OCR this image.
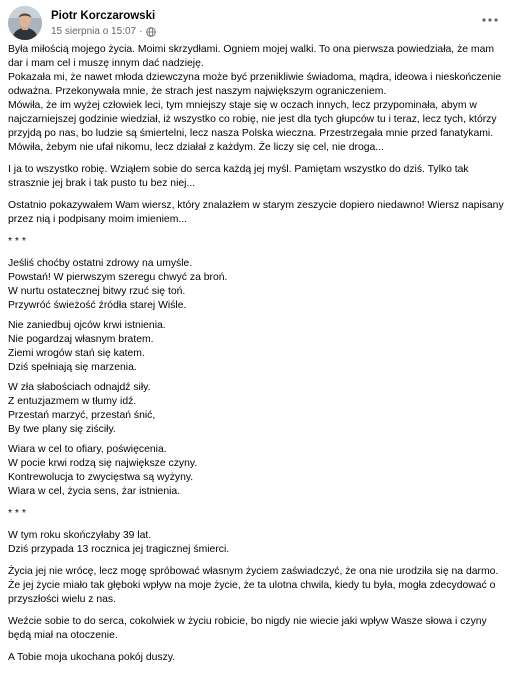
Piotr Korczarowski
15 sierpnia o 15:07 ·

Była miłością mojego życia. Moimi skrzydłami. Ogniem mojej walki. To ona pierwsza powiedziała, że mam dar i mam cel i muszę innym dać nadzieję.
Pokazała mi, że nawet młoda dziewczyna może być przenikliwie świadoma, mądra, ideowa i nieskończenie odważna. Przekonywała mnie, że strach jest naszym największym ograniczeniem.
Mówiła, że im wyżej człowiek leci, tym mniejszy staje się w oczach innych, lecz przypominała, abym w najczarniejszej godzinie wiedział, iż wszystko co robię, nie jest dla tych głupców tu i teraz, lecz tych, którzy przyjdą po nas, bo ludzie są śmiertelni, lecz nasza Polska wieczna. Przestrzegała mnie przed fanatykami. Mówiła, żebym nie ufał nikomu, lecz działał z każdym. Że liczy się cel, nie droga...

I ja to wszystko robię. Wziąłem sobie do serca każdą jej myśl. Pamiętam wszystko do dziś. Tylko tak strasznie jej brak i tak pusto tu bez niej...

Ostatnio pokazywałem Wam wiersz, który znalazłem w starym zeszycie dopiero niedawno! Wiersz napisany przez nią i podpisany moim imieniem...

* * *

Jeśliś choćby ostatni zdrowy na umyśle.
Powstań! W pierwszym szeregu chwyć za broń.
W nurtu ostatecznej bitwy rzuć się toń.
Przywróć świeżość źródła starej Wiśle.

Nie zaniedbuj ojców krwi istnienia.
Nie pogardzaj własnym bratem.
Ziemi wrogów stań się katem.
Dziś spełniają się marzenia.

W zła słabościach odnajdź siły.
Z entuzjazmem w tłumy idź.
Przestań marzyć, przestań śnić,
By twe plany się ziściły.

Wiara w cel to ofiary, poświęcenia.
W pocie krwi rodzą się największe czyny.
Kontrewolucja to zwycięstwa są wyżyny.
Wiara w cel, życia sens, żar istnienia.

* * *

W tym roku skończyłaby 39 lat.
Dziś przypada 13 rocznica jej tragicznej śmierci.

Życia jej nie wrócę, lecz mogę spróbować własnym życiem zaświadczyć, że ona nie urodziła się na darmo. Że jej życie miało tak głęboki wpływ na moje życie, że ta ulotna chwila, kiedy tu była, mogła zdecydować o przyszłości wielu z nas.

Weźcie sobie to do serca, cokolwiek w życiu robicie, bo nigdy nie wiecie jaki wpływ Wasze słowa i czyny będą miał na otoczenie.

A Tobie moja ukochana pokój duszy.
